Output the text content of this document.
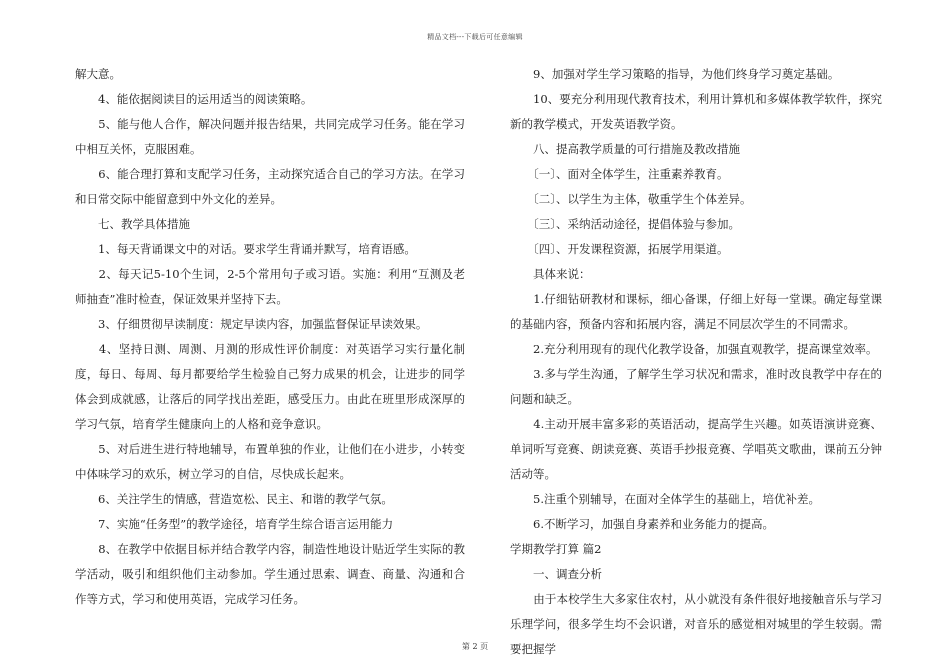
精品文档---下载后可任意编辑

解大意。

　　4、能依据阅读目的运用适当的阅读策略。

　　5、能与他人合作，解决问题并报告结果，共同完成学习任务。能在学习中相互关怀，克服困难。

　　6、能合理打算和支配学习任务，主动探究适合自己的学习方法。在学习和日常交际中能留意到中外文化的差异。

　　七、教学具体措施

　　1、每天背诵课文中的对话。要求学生背诵并默写，培育语感。

　　2、每天记5-10个生词，2-5个常用句子或习语。实施：利用“互测及老师抽查”准时检查，保证效果并坚持下去。

　　3、仔细贯彻早读制度：规定早读内容，加强监督保证早读效果。

　　4、坚持日测、周测、月测的形成性评价制度：对英语学习实行量化制度，每日、每周、每月都要给学生检验自己努力成果的机会，让进步的同学体会到成就感，让落后的同学找出差距，感受压力。由此在班里形成深厚的学习气氛，培育学生健康向上的人格和竞争意识。

　　5、对后进生进行特地辅导，布置单独的作业，让他们在小进步，小转变中体味学习的欢乐，树立学习的自信，尽快成长起来。

　　6、关注学生的情感，营造宽松、民主、和谐的教学气氛。

　　7、实施“任务型”的教学途径，培育学生综合语言运用能力

　　8、在教学中依据目标并结合教学内容，制造性地设计贴近学生实际的教学活动，吸引和组织他们主动参加。学生通过思索、调查、商量、沟通和合作等方式，学习和使用英语，完成学习任务。

　　9、加强对学生学习策略的指导，为他们终身学习奠定基础。

　　10、要充分利用现代教育技术，利用计算机和多媒体教学软件，探究新的教学模式，开发英语教学资。

　　八、提高教学质量的可行措施及教改措施

　　〔一〕、面对全体学生，注重素养教育。

　　〔二〕、以学生为主体，敬重学生个体差异。

　　〔三〕、采纳活动途径，提倡体验与参加。

　　〔四〕、开发课程资源，拓展学用渠道。

　　具体来说：

　　1.仔细钻研教材和课标，细心备课，仔细上好每一堂课。确定每堂课的基础内容，预备内容和拓展内容，满足不同层次学生的不同需求。

　　2.充分利用现有的现代化教学设备，加强直观教学，提高课堂效率。

　　3.多与学生沟通，了解学生学习状况和需求，准时改良教学中存在的问题和缺乏。

　　4.主动开展丰富多彩的英语活动，提高学生兴趣。如英语演讲竞赛、单词听写竞赛、朗读竞赛、英语手抄报竞赛、学唱英文歌曲，课前五分钟活动等。

　　5.注重个别辅导，在面对全体学生的基础上，培优补差。

　　6.不断学习，加强自身素养和业务能力的提高。

学期教学打算 篇2

　　一、调查分析

　　由于本校学生大多家住农村，从小就没有条件很好地接触音乐与学习乐理学问，很多学生均不会识谱，对音乐的感觉相对城里的学生较弱。需要把握学

第 2 页
